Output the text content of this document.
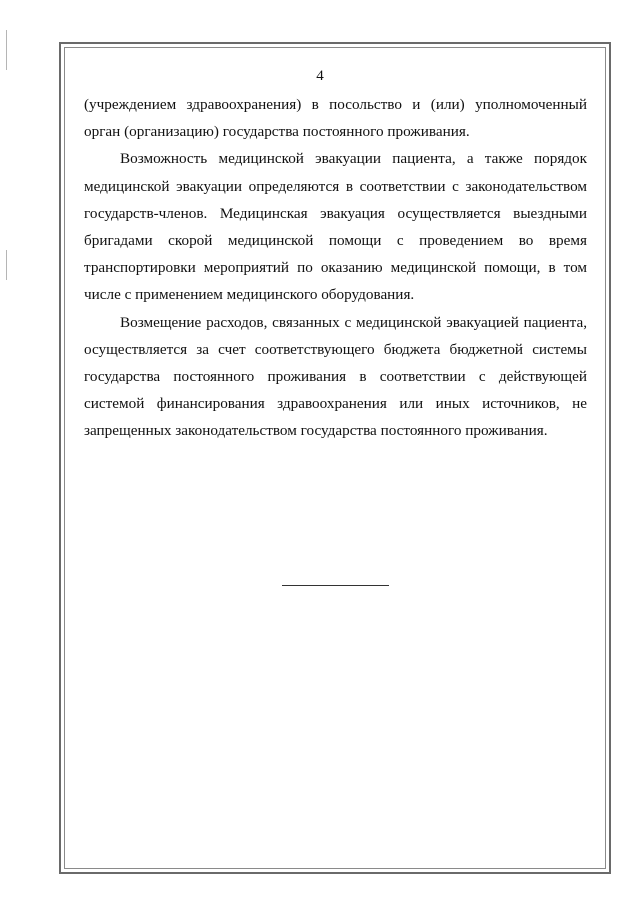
4

(учреждением здравоохранения) в посольство и (или) уполномоченный орган (организацию) государства постоянного проживания.

Возможность медицинской эвакуации пациента, а также порядок медицинской эвакуации определяются в соответствии с законодательством государств-членов. Медицинская эвакуация осуществляется выездными бригадами скорой медицинской помощи с проведением во время транспортировки мероприятий по оказанию медицинской помощи, в том числе с применением медицинского оборудования.

Возмещение расходов, связанных с медицинской эвакуацией пациента, осуществляется за счет соответствующего бюджета бюджетной системы государства постоянного проживания в соответствии с действующей системой финансирования здравоохранения или иных источников, не запрещенных законодательством государства постоянного проживания.
